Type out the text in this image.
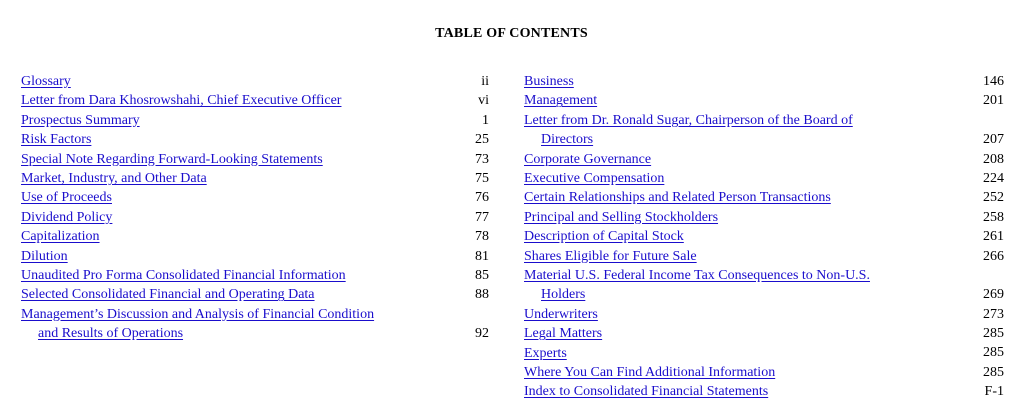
TABLE OF CONTENTS
Glossary	ii
Letter from Dara Khosrowshahi, Chief Executive Officer	vi
Prospectus Summary	1
Risk Factors	25
Special Note Regarding Forward-Looking Statements	73
Market, Industry, and Other Data	75
Use of Proceeds	76
Dividend Policy	77
Capitalization	78
Dilution	81
Unaudited Pro Forma Consolidated Financial Information	85
Selected Consolidated Financial and Operating Data	88
Management’s Discussion and Analysis of Financial Condition
and Results of Operations	92
Business	146
Management	201
Letter from Dr. Ronald Sugar, Chairperson of the Board of
Directors	207
Corporate Governance	208
Executive Compensation	224
Certain Relationships and Related Person Transactions	252
Principal and Selling Stockholders	258
Description of Capital Stock	261
Shares Eligible for Future Sale	266
Material U.S. Federal Income Tax Consequences to Non-U.S.
Holders	269
Underwriters	273
Legal Matters	285
Experts	285
Where You Can Find Additional Information	285
Index to Consolidated Financial Statements	F-1
